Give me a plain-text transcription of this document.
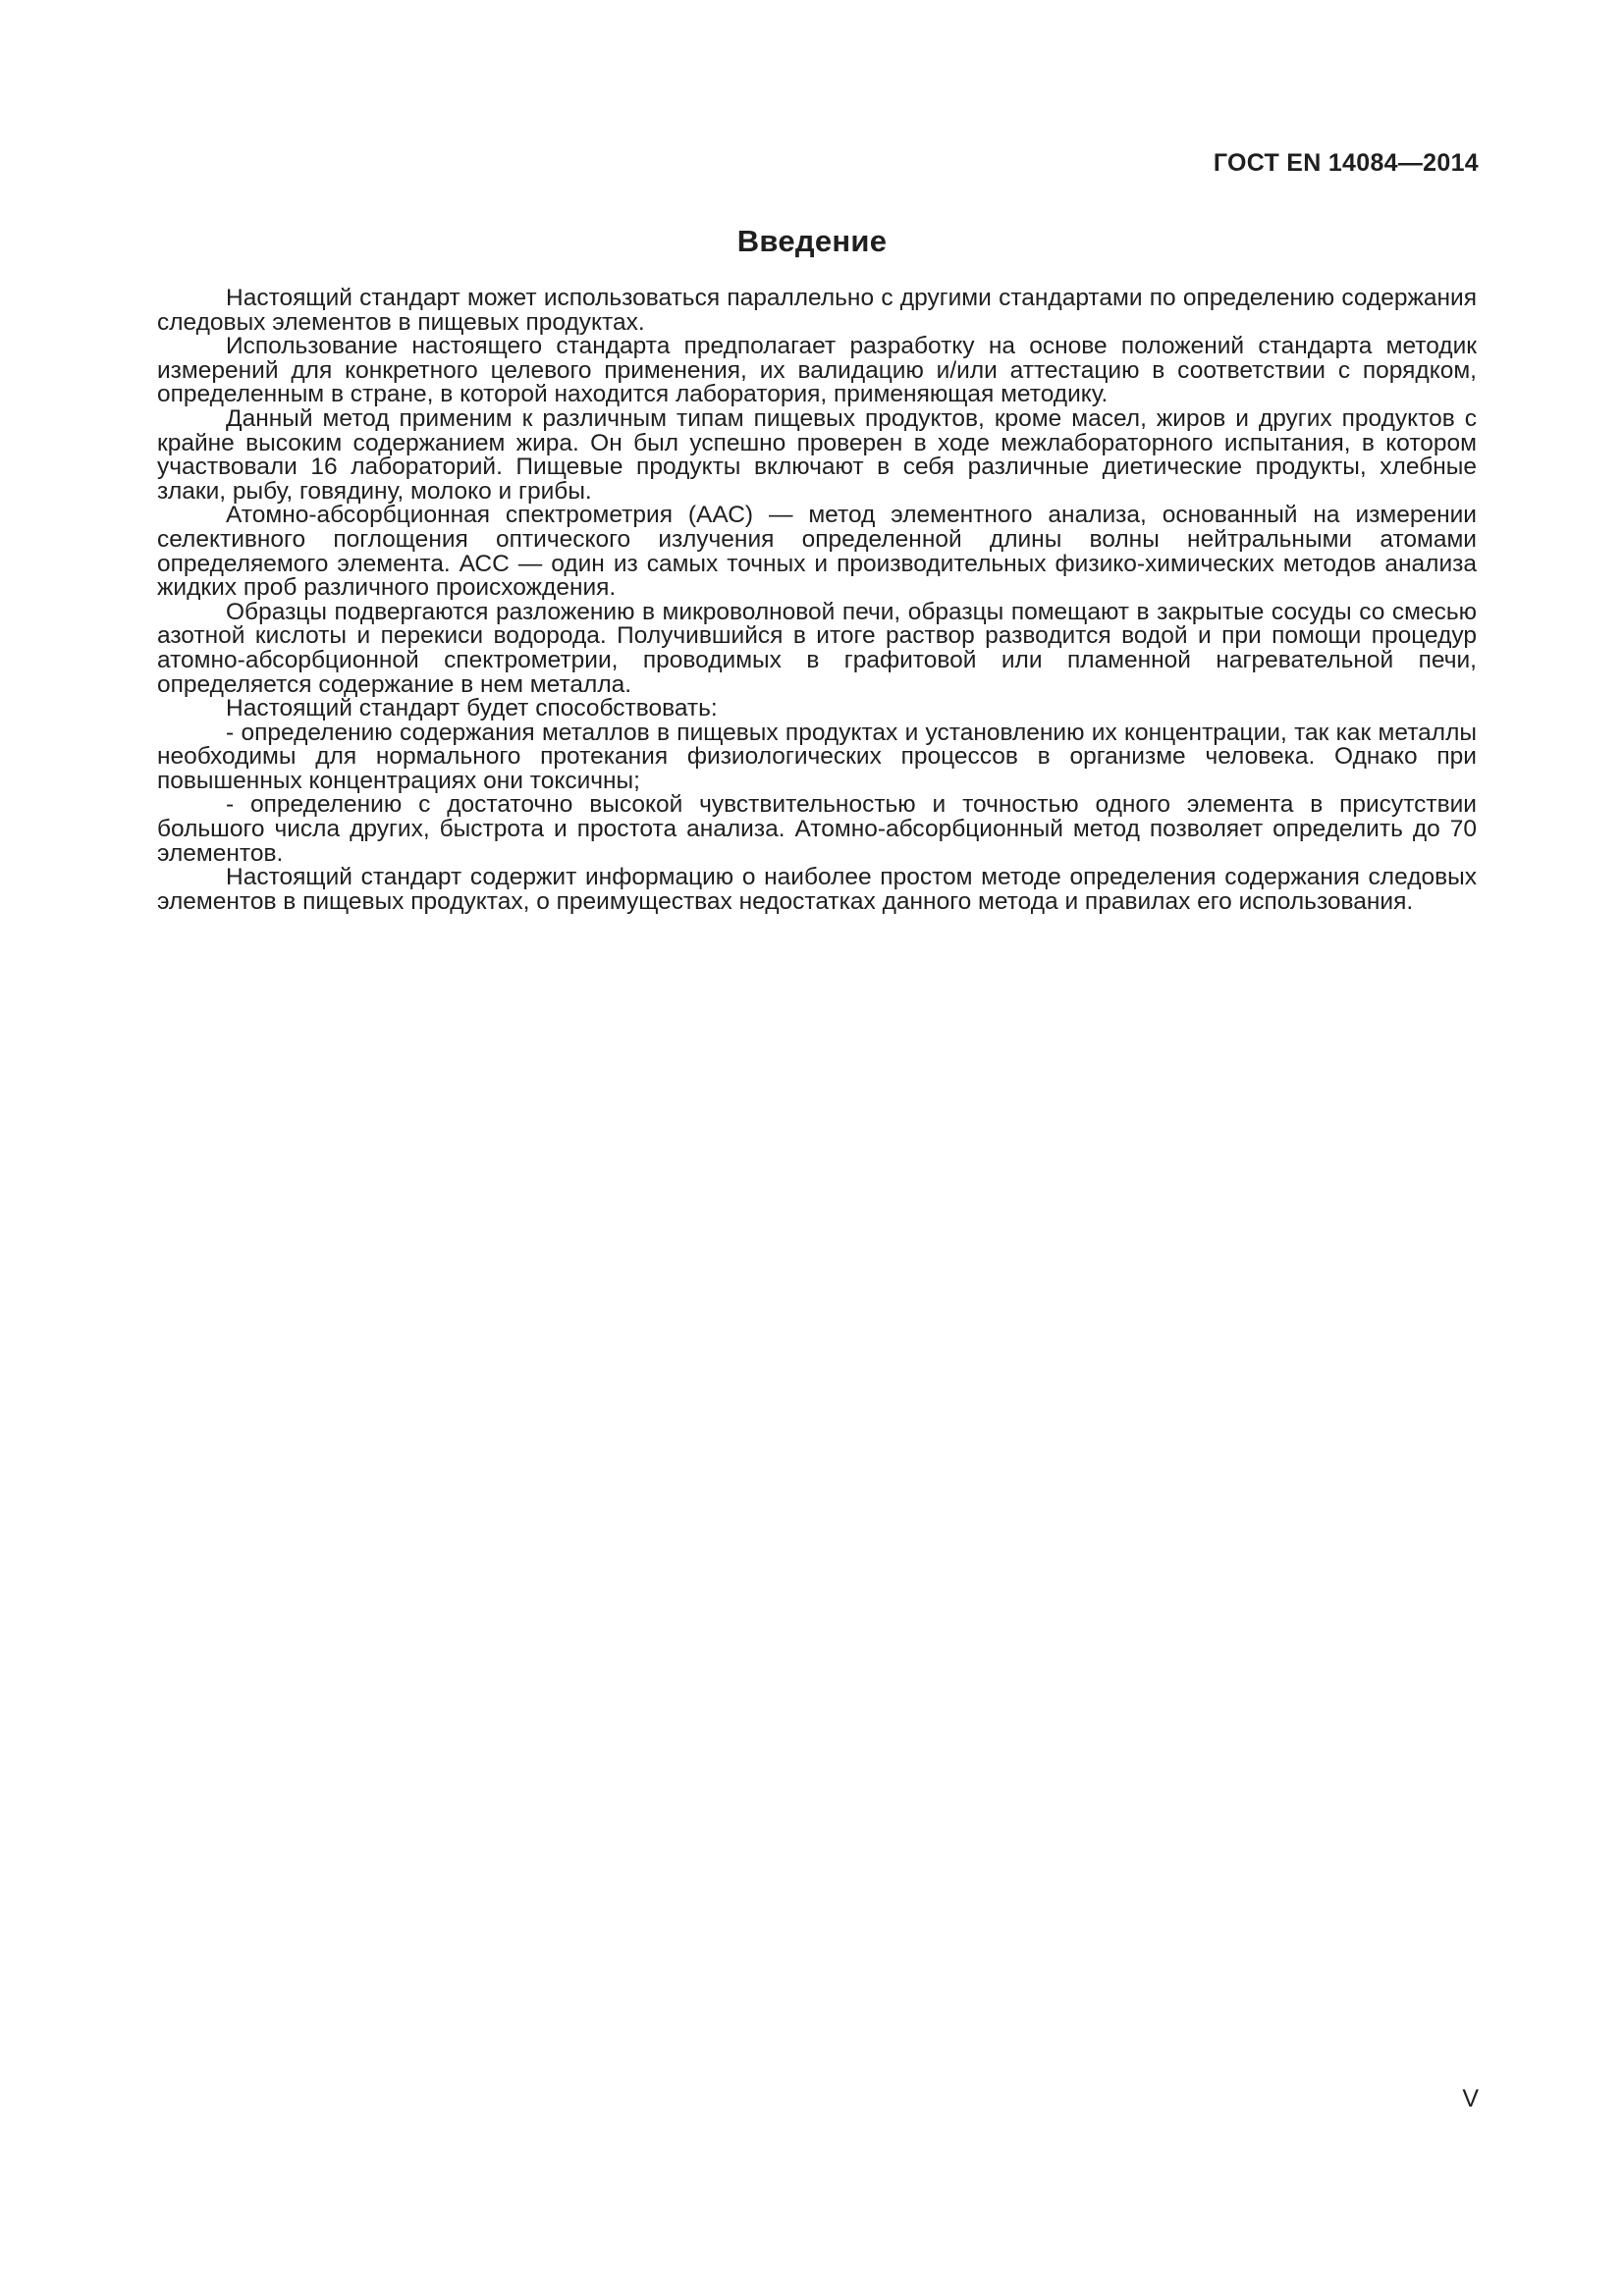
ГОСТ EN 14084—2014

Введение

Настоящий стандарт может использоваться параллельно с другими стандартами по определению содержания следовых элементов в пищевых продуктах.

Использование настоящего стандарта предполагает разработку на основе положений стандарта методик измерений для конкретного целевого применения, их валидацию и/или аттестацию в соответствии с порядком, определенным в стране, в которой находится лаборатория, применяющая методику.

Данный метод применим к различным типам пищевых продуктов, кроме масел, жиров и других продуктов с крайне высоким содержанием жира. Он был успешно проверен в ходе межлабораторного испытания, в котором участвовали 16 лабораторий. Пищевые продукты включают в себя различные диетические продукты, хлебные злаки, рыбу, говядину, молоко и грибы.

Атомно-абсорбционная спектрометрия (ААС) — метод элементного анализа, основанный на измерении селективного поглощения оптического излучения определенной длины волны нейтральными атомами определяемого элемента. АСС — один из самых точных и производительных физико-химических методов анализа жидких проб различного происхождения.

Образцы подвергаются разложению в микроволновой печи, образцы помещают в закрытые сосуды со смесью азотной кислоты и перекиси водорода. Получившийся в итоге раствор разводится водой и при помощи процедур атомно-абсорбционной спектрометрии, проводимых в графитовой или пламенной нагревательной печи, определяется содержание в нем металла.

Настоящий стандарт будет способствовать:

- определению содержания металлов в пищевых продуктах и установлению их концентрации, так как металлы необходимы для нормального протекания физиологических процессов в организме человека. Однако при повышенных концентрациях они токсичны;

- определению с достаточно высокой чувствительностью и точностью одного элемента в присутствии большого числа других, быстрота и простота анализа. Атомно-абсорбционный метод позволяет определить до 70 элементов.

Настоящий стандарт содержит информацию о наиболее простом методе определения содержания следовых элементов в пищевых продуктах, о преимуществах недостатках данного метода и правилах его использования.

V
